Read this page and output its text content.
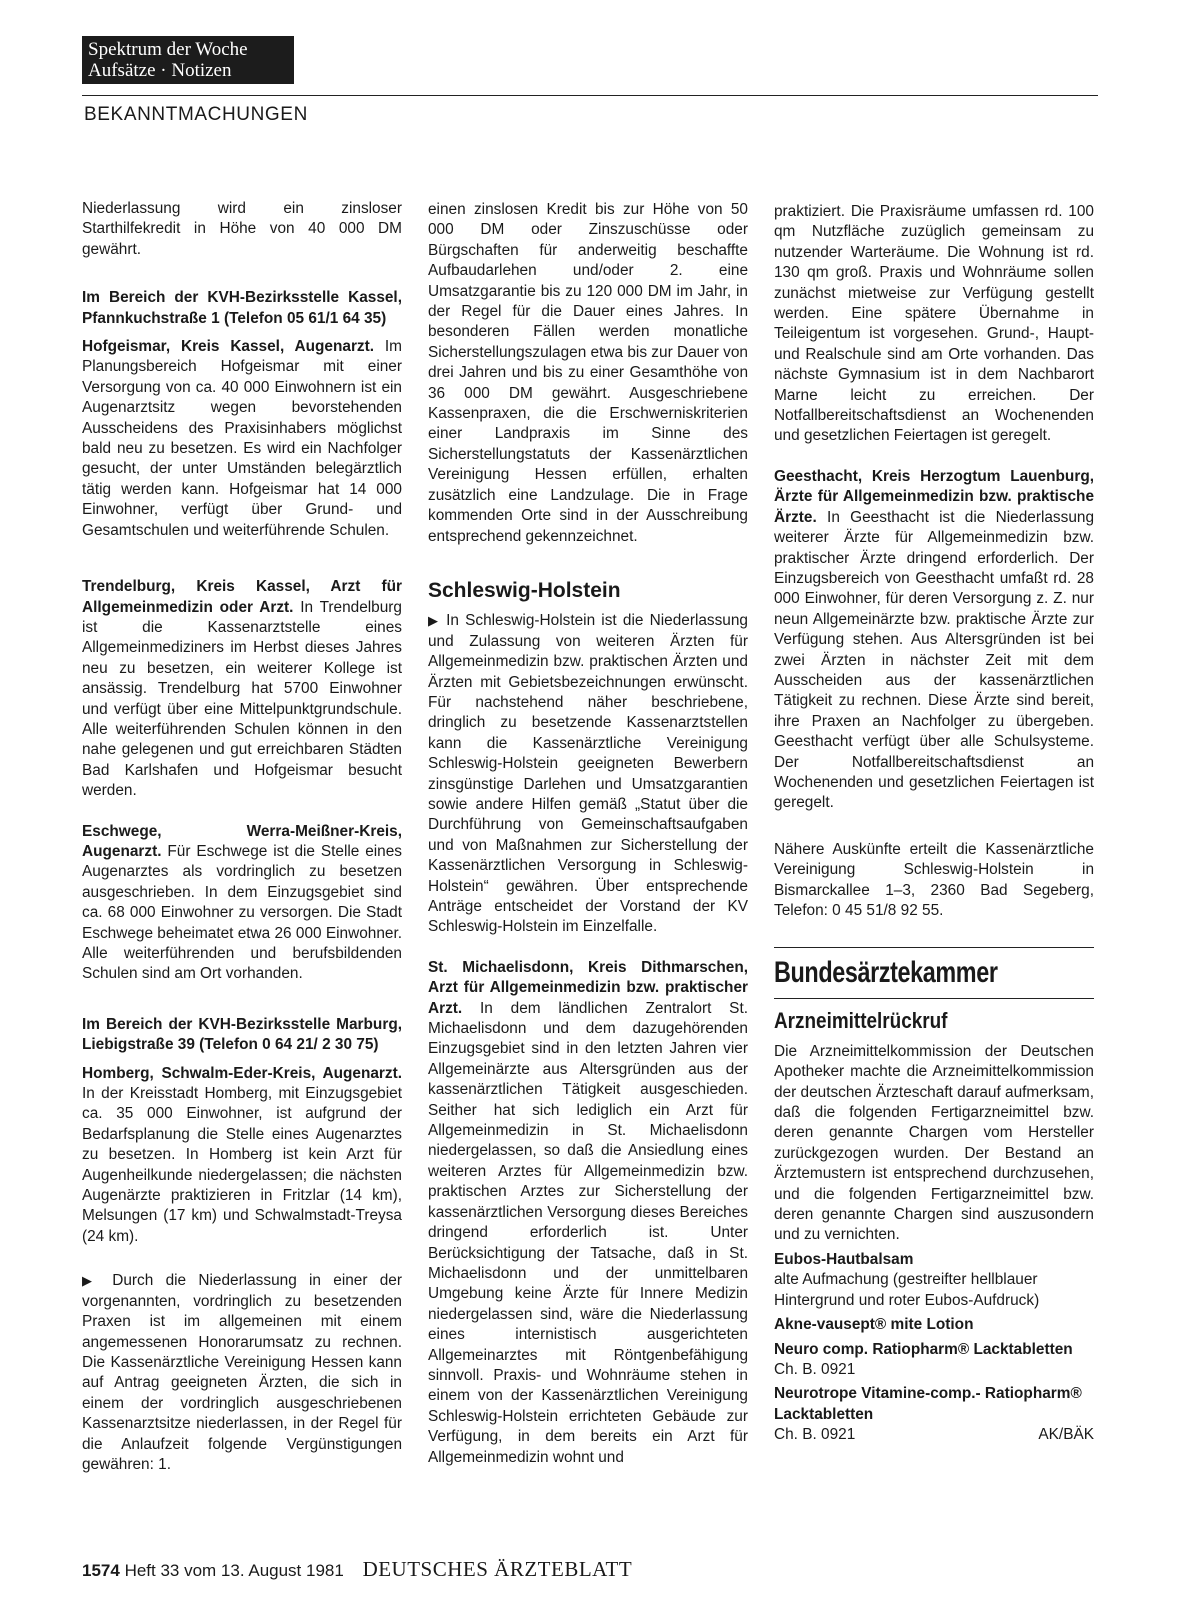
Spektrum der Woche
Aufsätze · Notizen
BEKANNTMACHUNGEN

Niederlassung wird ein zinsloser Starthilfekredit in Höhe von 40 000 DM gewährt.

Im Bereich der KVH-Bezirksstelle Kassel, Pfannkuchstraße 1 (Telefon 05 61/1 64 35)

Hofgeismar, Kreis Kassel, Augenarzt. Im Planungsbereich Hofgeismar mit einer Versorgung von ca. 40 000 Einwohnern ist ein Augenarztsitz wegen bevorstehenden Ausscheidens des Praxisinhabers möglichst bald neu zu besetzen. Es wird ein Nachfolger gesucht, der unter Umständen belegärztlich tätig werden kann. Hofgeismar hat 14 000 Einwohner, verfügt über Grund- und Gesamtschulen und weiterführende Schulen.

Trendelburg, Kreis Kassel, Arzt für Allgemeinmedizin oder Arzt. In Trendelburg ist die Kassenarztstelle eines Allgemeinmediziners im Herbst dieses Jahres neu zu besetzen, ein weiterer Kollege ist ansässig. Trendelburg hat 5700 Einwohner und verfügt über eine Mittelpunktgrundschule. Alle weiterführenden Schulen können in den nahe gelegenen und gut erreichbaren Städten Bad Karlshafen und Hofgeismar besucht werden.

Eschwege, Werra-Meißner-Kreis, Augenarzt. Für Eschwege ist die Stelle eines Augenarztes als vordringlich zu besetzen ausgeschrieben. In dem Einzugsgebiet sind ca. 68 000 Einwohner zu versorgen. Die Stadt Eschwege beheimatet etwa 26 000 Einwohner. Alle weiterführenden und berufsbildenden Schulen sind am Ort vorhanden.

Im Bereich der KVH-Bezirksstelle Marburg, Liebigstraße 39 (Telefon 0 64 21/ 2 30 75)

Homberg, Schwalm-Eder-Kreis, Augenarzt. In der Kreisstadt Homberg, mit Einzugsgebiet ca. 35 000 Einwohner, ist aufgrund der Bedarfsplanung die Stelle eines Augenarztes zu besetzen. In Homberg ist kein Arzt für Augenheilkunde niedergelassen; die nächsten Augenärzte praktizieren in Fritzlar (14 km), Melsungen (17 km) und Schwalmstadt-Treysa (24 km).

▶ Durch die Niederlassung in einer der vorgenannten, vordringlich zu besetzenden Praxen ist im allgemeinen mit einem angemessenen Honorarumsatz zu rechnen. Die Kassenärztliche Vereinigung Hessen kann auf Antrag geeigneten Ärzten, die sich in einem der vordringlich ausgeschriebenen Kassenarztsitze niederlassen, in der Regel für die Anlaufzeit folgende Vergünstigungen gewähren: 1.

einen zinslosen Kredit bis zur Höhe von 50 000 DM oder Zinszuschüsse oder Bürgschaften für anderweitig beschaffte Aufbaudarlehen und/oder 2. eine Umsatzgarantie bis zu 120 000 DM im Jahr, in der Regel für die Dauer eines Jahres. In besonderen Fällen werden monatliche Sicherstellungszulagen etwa bis zur Dauer von drei Jahren und bis zu einer Gesamthöhe von 36 000 DM gewährt. Ausgeschriebene Kassenpraxen, die die Erschwerniskriterien einer Landpraxis im Sinne des Sicherstellungstatuts der Kassenärztlichen Vereinigung Hessen erfüllen, erhalten zusätzlich eine Landzulage. Die in Frage kommenden Orte sind in der Ausschreibung entsprechend gekennzeichnet.

Schleswig-Holstein

▶ In Schleswig-Holstein ist die Niederlassung und Zulassung von weiteren Ärzten für Allgemeinmedizin bzw. praktischen Ärzten und Ärzten mit Gebietsbezeichnungen erwünscht. Für nachstehend näher beschriebene, dringlich zu besetzende Kassenarztstellen kann die Kassenärztliche Vereinigung Schleswig-Holstein geeigneten Bewerbern zinsgünstige Darlehen und Umsatzgarantien sowie andere Hilfen gemäß „Statut über die Durchführung von Gemeinschaftsaufgaben und von Maßnahmen zur Sicherstellung der Kassenärztlichen Versorgung in Schleswig-Holstein“ gewähren. Über entsprechende Anträge entscheidet der Vorstand der KV Schleswig-Holstein im Einzelfalle.

St. Michaelisdonn, Kreis Dithmarschen, Arzt für Allgemeinmedizin bzw. praktischer Arzt. In dem ländlichen Zentralort St. Michaelisdonn und dem dazugehörenden Einzugsgebiet sind in den letzten Jahren vier Allgemeinärzte aus Altersgründen aus der kassenärztlichen Tätigkeit ausgeschieden. Seither hat sich lediglich ein Arzt für Allgemeinmedizin in St. Michaelisdonn niedergelassen, so daß die Ansiedlung eines weiteren Arztes für Allgemeinmedizin bzw. praktischen Arztes zur Sicherstellung der kassenärztlichen Versorgung dieses Bereiches dringend erforderlich ist. Unter Berücksichtigung der Tatsache, daß in St. Michaelisdonn und der unmittelbaren Umgebung keine Ärzte für Innere Medizin niedergelassen sind, wäre die Niederlassung eines internistisch ausgerichteten Allgemeinarztes mit Röntgenbefähigung sinnvoll. Praxis- und Wohnräume stehen in einem von der Kassenärztlichen Vereinigung Schleswig-Holstein errichteten Gebäude zur Verfügung, in dem bereits ein Arzt für Allgemeinmedizin wohnt und

praktiziert. Die Praxisräume umfassen rd. 100 qm Nutzfläche zuzüglich gemeinsam zu nutzender Warteräume. Die Wohnung ist rd. 130 qm groß. Praxis und Wohnräume sollen zunächst mietweise zur Verfügung gestellt werden. Eine spätere Übernahme in Teileigentum ist vorgesehen. Grund-, Haupt- und Realschule sind am Orte vorhanden. Das nächste Gymnasium ist in dem Nachbarort Marne leicht zu erreichen. Der Notfallbereitschaftsdienst an Wochenenden und gesetzlichen Feiertagen ist geregelt.

Geesthacht, Kreis Herzogtum Lauenburg, Ärzte für Allgemeinmedizin bzw. praktische Ärzte. In Geesthacht ist die Niederlassung weiterer Ärzte für Allgemeinmedizin bzw. praktischer Ärzte dringend erforderlich. Der Einzugsbereich von Geesthacht umfaßt rd. 28 000 Einwohner, für deren Versorgung z. Z. nur neun Allgemeinärzte bzw. praktische Ärzte zur Verfügung stehen. Aus Altersgründen ist bei zwei Ärzten in nächster Zeit mit dem Ausscheiden aus der kassenärztlichen Tätigkeit zu rechnen. Diese Ärzte sind bereit, ihre Praxen an Nachfolger zu übergeben. Geesthacht verfügt über alle Schulsysteme. Der Notfallbereitschaftsdienst an Wochenenden und gesetzlichen Feiertagen ist geregelt.

Nähere Auskünfte erteilt die Kassenärztliche Vereinigung Schleswig-Holstein in Bismarckallee 1–3, 2360 Bad Segeberg, Telefon: 0 45 51/8 92 55.

Bundesärztekammer
Arzneimittelrückruf

Die Arzneimittelkommission der Deutschen Apotheker machte die Arzneimittelkommission der deutschen Ärzteschaft darauf aufmerksam, daß die folgenden Fertigarzneimittel bzw. deren genannte Chargen vom Hersteller zurückgezogen wurden. Der Bestand an Ärztemustern ist entsprechend durchzusehen, und die folgenden Fertigarzneimittel bzw. deren genannte Chargen sind auszusondern und zu vernichten.

Eubos-Hautbalsam
alte Aufmachung (gestreifter hellblauer Hintergrund und roter Eubos-Aufdruck)
Akne-vausept® mite Lotion
Neuro comp. Ratiopharm® Lacktabletten
Ch. B. 0921
Neurotrope Vitamine-comp.- Ratiopharm® Lacktabletten
Ch. B. 0921	AK/BÄK
1574 Heft 33 vom 13. August 1981 DEUTSCHES ÄRZTEBLATT
